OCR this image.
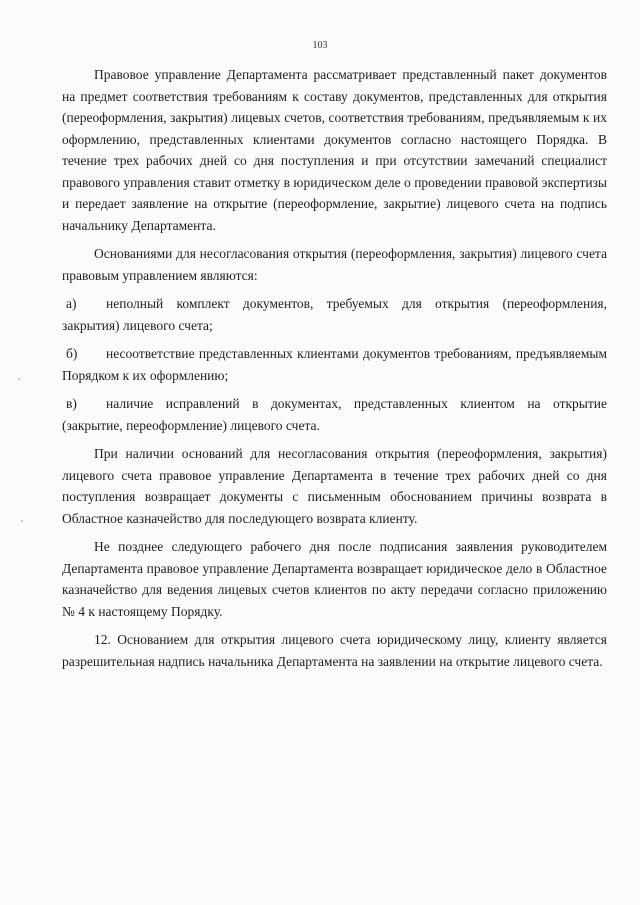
103

Правовое управление Департамента рассматривает представленный пакет документов на предмет соответствия требованиям к составу документов, представленных для открытия (переоформления, закрытия) лицевых счетов, соответствия требованиям, предъявляемым к их оформлению, представленных клиентами документов согласно настоящего Порядка. В течение трех рабочих дней со дня поступления и при отсутствии замечаний специалист правового управления ставит отметку в юридическом деле о проведении правовой экспертизы и передает заявление на открытие (переоформление, закрытие) лицевого счета на подпись начальнику Департамента.

Основаниями для несогласования открытия (переоформления, закрытия) лицевого счета правовым управлением являются:

а) неполный комплект документов, требуемых для открытия (переоформления, закрытия) лицевого счета;

б) несоответствие представленных клиентами документов требованиям, предъявляемым Порядком к их оформлению;

в) наличие исправлений в документах, представленных клиентом на открытие (закрытие, переоформление) лицевого счета.

При наличии оснований для несогласования открытия (переоформления, закрытия) лицевого счета правовое управление Департамента в течение трех рабочих дней со дня поступления возвращает документы с письменным обоснованием причины возврата в Областное казначейство для последующего возврата клиенту.

Не позднее следующего рабочего дня после подписания заявления руководителем Департамента правовое управление Департамента возвращает юридическое дело в Областное казначейство для ведения лицевых счетов клиентов по акту передачи согласно приложению № 4 к настоящему Порядку.

12. Основанием для открытия лицевого счета юридическому лицу, клиенту является разрешительная надпись начальника Департамента на заявлении на открытие лицевого счета.
